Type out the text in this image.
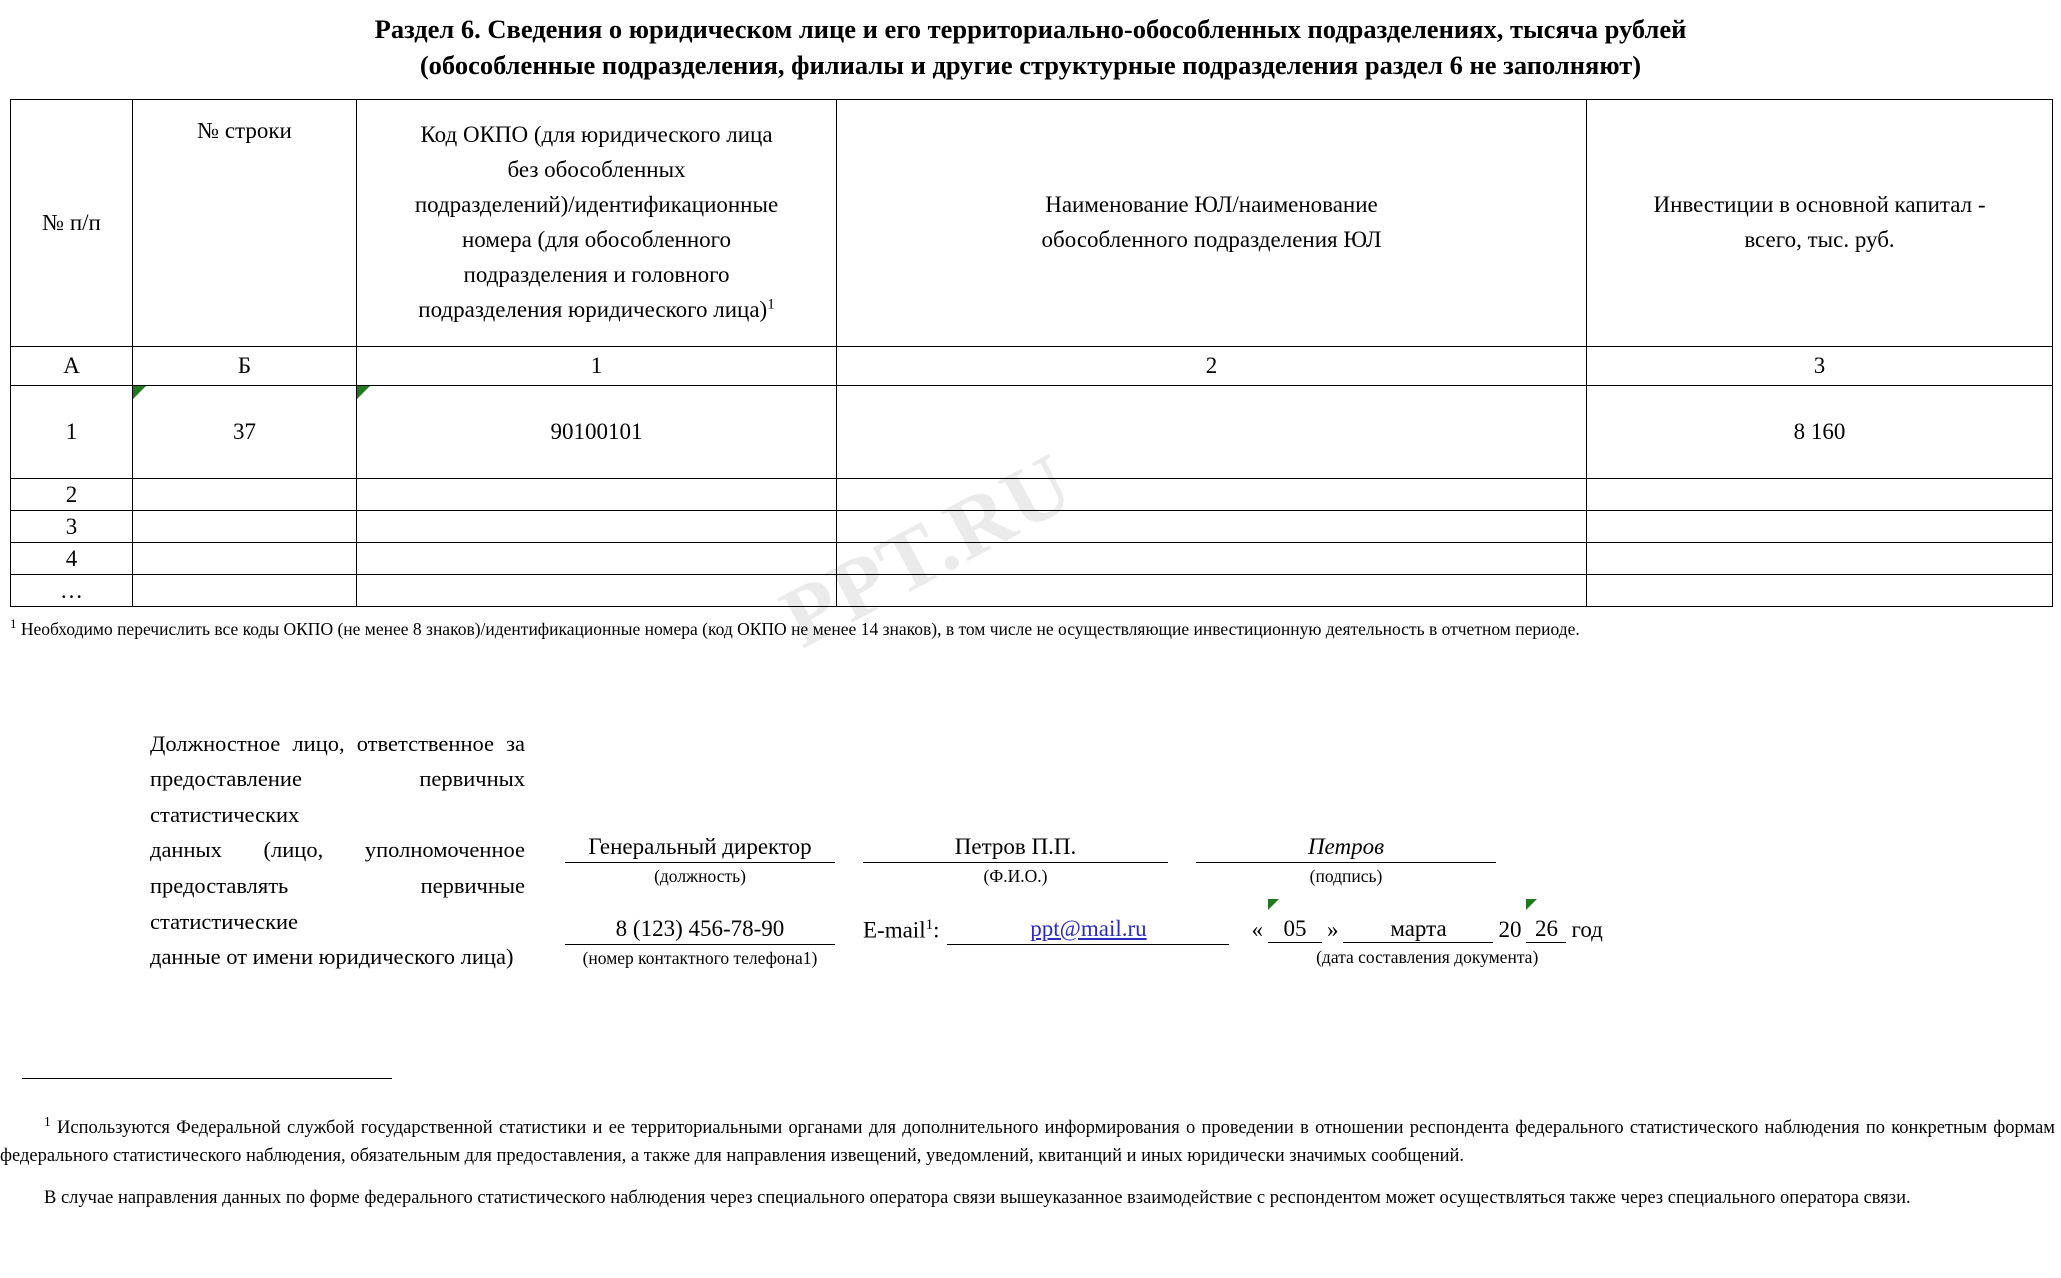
PPT.RU
Раздел 6. Сведения о юридическом лице и его территориально-обособленных подразделениях, тысяча рублей
(обособленные подразделения, филиалы и другие структурные подразделения раздел 6 не заполняют)
№ п/п	№ строки	Код ОКПО (для юридического лица
без обособленных
подразделений)/идентификационные
номера (для обособленного
подразделения и головного
подразделения юридического лица)$^1$	Наименование ЮЛ/наименование
обособленного подразделения ЮЛ	Инвестиции в основной капитал -
всего, тыс. руб.
А	Б	1	2	3
1	37	90100101		8 160
2				
3				
4				
…				
$^1$ Необходимо перечислить все коды ОКПО (не менее 8 знаков)/идентификационные номера (код ОКПО не менее 14 знаков), в том числе не осуществляющие инвестиционную деятельность в отчетном периоде.
Должностное лицо, ответственное за
предоставление первичных статистических
данных (лицо, уполномоченное
предоставлять первичные статистические
данные от имени юридического лица)
Генеральный директор
(должность)
Петров П.П.
(Ф.И.О.)
Петров
(подпись)
8 (123) 456-78-90
(номер контактного телефона1)
E-mail$^1$:	ppt@mail.ru	« 05 »	марта	20 26 год
(дата составления документа)
$^1$ Используются Федеральной службой государственной статистики и ее территориальными органами для дополнительного информирования о проведении в отношении респондента федерального статистического наблюдения по конкретным формам федерального статистического наблюдения, обязательным для предоставления, а также для направления извещений, уведомлений, квитанций и иных юридически значимых сообщений.
В случае направления данных по форме федерального статистического наблюдения через специального оператора связи вышеуказанное взаимодействие с респондентом может осуществляться также через специального оператора связи.
